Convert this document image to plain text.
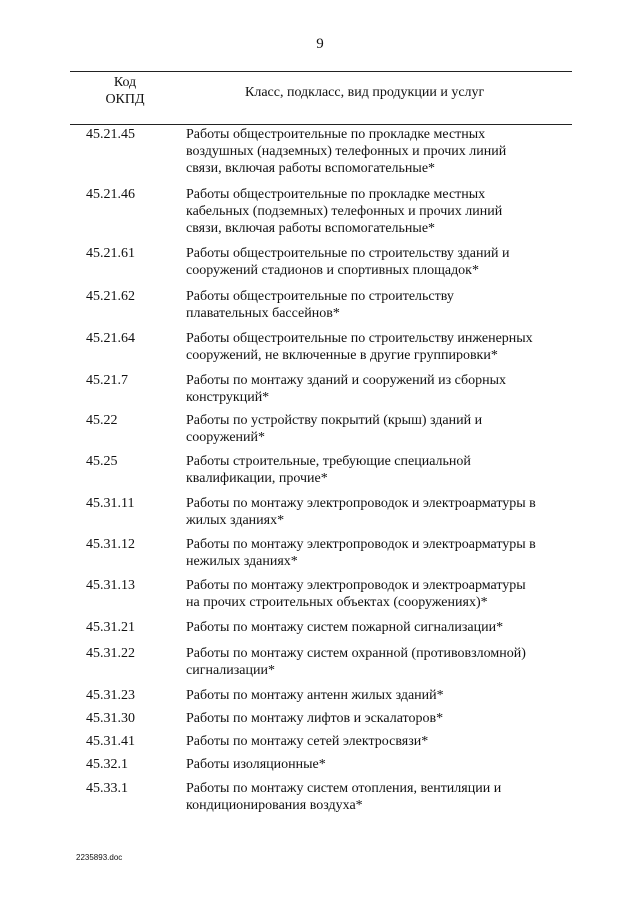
9
Код
ОКПД	Класс, подкласс, вид продукции и услуг
45.21.45	Работы общестроительные по прокладке местных
воздушных (надземных) телефонных и прочих линий
связи, включая работы вспомогательные*
45.21.46	Работы общестроительные по прокладке местных
кабельных (подземных) телефонных и прочих линий
связи, включая работы вспомогательные*
45.21.61	Работы общестроительные по строительству зданий и
сооружений стадионов и спортивных площадок*
45.21.62	Работы общестроительные по строительству
плавательных бассейнов*
45.21.64	Работы общестроительные по строительству инженерных
сооружений, не включенные в другие группировки*
45.21.7	Работы по монтажу зданий и сооружений из сборных
конструкций*
45.22	Работы по устройству покрытий (крыш) зданий и
сооружений*
45.25	Работы строительные, требующие специальной
квалификации, прочие*
45.31.11	Работы по монтажу электропроводок и электроарматуры в
жилых зданиях*
45.31.12	Работы по монтажу электропроводок и электроарматуры в
нежилых зданиях*
45.31.13	Работы по монтажу электропроводок и электроарматуры
на прочих строительных объектах (сооружениях)*
45.31.21	Работы по монтажу систем пожарной сигнализации*
45.31.22	Работы по монтажу систем охранной (противовзломной)
сигнализации*
45.31.23	Работы по монтажу антенн жилых зданий*
45.31.30	Работы по монтажу лифтов и эскалаторов*
45.31.41	Работы по монтажу сетей электросвязи*
45.32.1	Работы изоляционные*
45.33.1	Работы по монтажу систем отопления, вентиляции и
кондиционирования воздуха*
2235893.doc
